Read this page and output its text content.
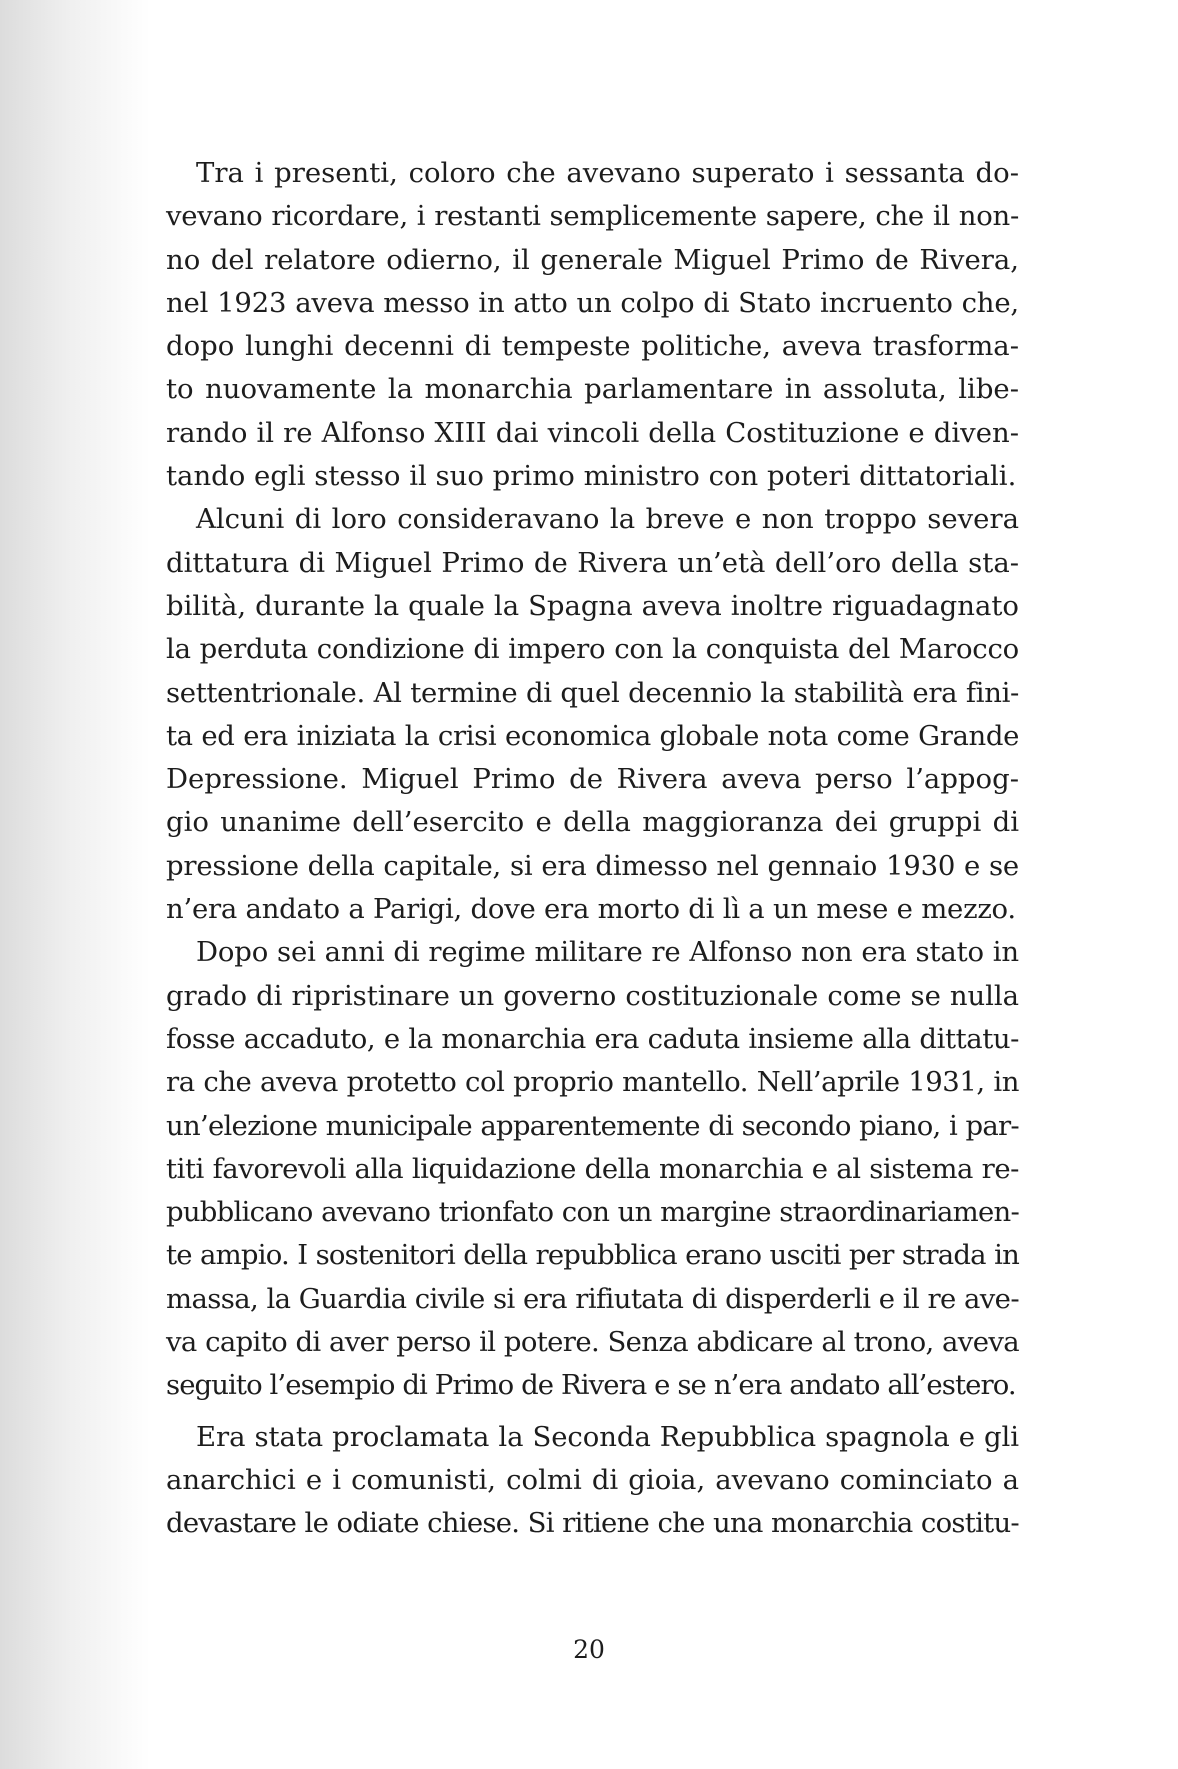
Tra i presenti, coloro che avevano superato i sessanta do-
vevano ricordare, i restanti semplicemente sapere, che il non-
no del relatore odierno, il generale Miguel Primo de Rivera,
nel 1923 aveva messo in atto un colpo di Stato incruento che,
dopo lunghi decenni di tempeste politiche, aveva trasforma-
to nuovamente la monarchia parlamentare in assoluta, libe-
rando il re Alfonso XIII dai vincoli della Costituzione e diven-
tando egli stesso il suo primo ministro con poteri dittatoriali.
Alcuni di loro consideravano la breve e non troppo severa
dittatura di Miguel Primo de Rivera un’età dell’oro della sta-
bilità, durante la quale la Spagna aveva inoltre riguadagnato
la perduta condizione di impero con la conquista del Marocco
settentrionale. Al termine di quel decennio la stabilità era fini-
ta ed era iniziata la crisi economica globale nota come Grande
Depressione. Miguel Primo de Rivera aveva perso l’appog-
gio unanime dell’esercito e della maggioranza dei gruppi di
pressione della capitale, si era dimesso nel gennaio 1930 e se
n’era andato a Parigi, dove era morto di lì a un mese e mezzo.
Dopo sei anni di regime militare re Alfonso non era stato in
grado di ripristinare un governo costituzionale come se nulla
fosse accaduto, e la monarchia era caduta insieme alla dittatu-
ra che aveva protetto col proprio mantello. Nell’aprile 1931, in
un’elezione municipale apparentemente di secondo piano, i par-
titi favorevoli alla liquidazione della monarchia e al sistema re-
pubblicano avevano trionfato con un margine straordinariamen-
te ampio. I sostenitori della repubblica erano usciti per strada in
massa, la Guardia civile si era rifiutata di disperderli e il re ave-
va capito di aver perso il potere. Senza abdicare al trono, aveva
seguito l’esempio di Primo de Rivera e se n’era andato all’estero.
Era stata proclamata la Seconda Repubblica spagnola e gli
anarchici e i comunisti, colmi di gioia, avevano cominciato a
devastare le odiate chiese. Si ritiene che una monarchia costitu-
20
